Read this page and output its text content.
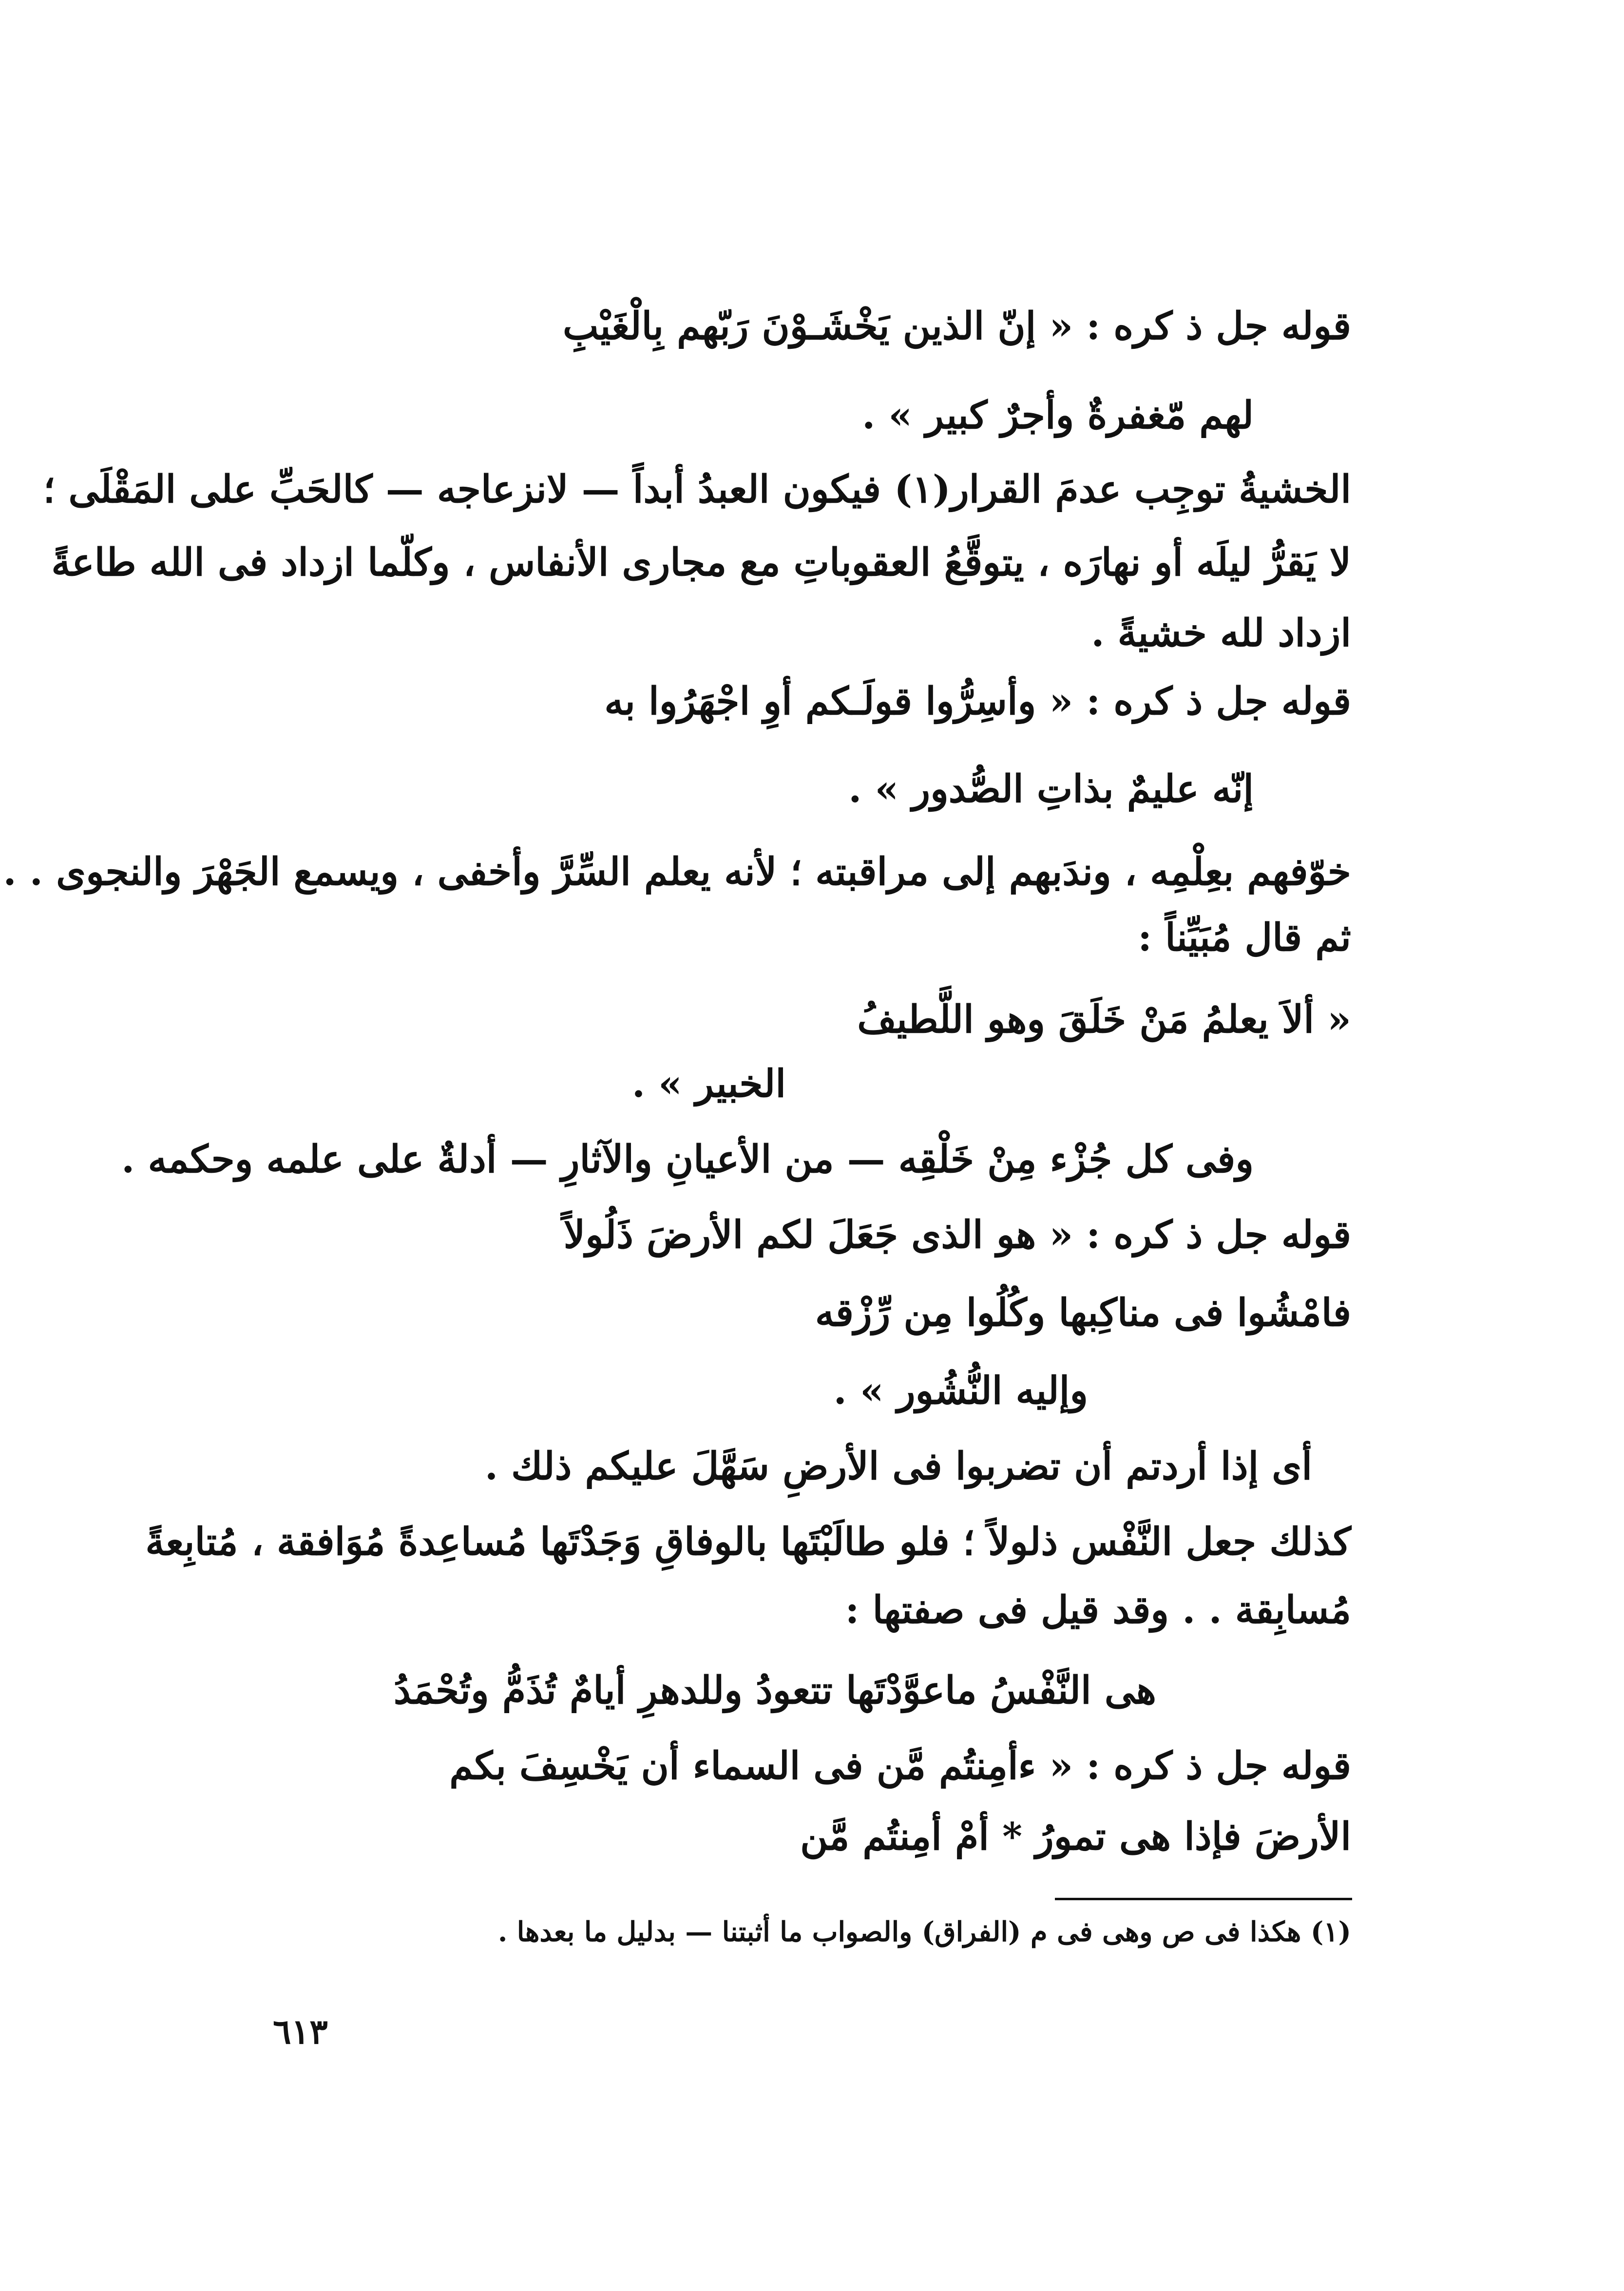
قوله جل ذ كره : « إنّ الذين يَخْشَـوْنَ رَبّهم بِالْغَيْبِ
لهم مّغفرةٌ وأجرٌ كبير » .
الخشيةُ توجِب عدمَ القرار(١) فيكون العبدُ أبداً — لانزعاجه — كالحَبِّ على المَقْلَى ؛
لا يَقرُّ ليلَه أو نهارَه ، يتوقَّعُ العقوباتِ مع مجارى الأنفاس ، وكلّما ازداد فى الله طاعةً
ازداد لله خشيةً .
قوله جل ذ كره : « وأسِرُّوا قولَـكم أوِ اجْهَرُوا به
إنّه عليمٌ بذاتِ الصُّدور » .
خوّفهم بعِلْمِه ، وندَبهم إلى مراقبته ؛ لأنه يعلم السِّرَّ وأخفى ، ويسمع الجَهْرَ والنجوى . .
ثم قال مُبَيِّناً :
« ألاَ يعلمُ مَنْ خَلَقَ وهو اللَّطيفُ
الخبير » .
وفى كل جُزْء مِنْ خَلْقِه — من الأعيانِ والآثارِ — أدلةٌ على علمه وحكمه .
قوله جل ذ كره : « هو الذى جَعَلَ لكم الأرضَ ذَلُولاً
فامْشُوا فى مناكِبها وكُلُوا مِن رِّزْقه
وإليه النُّشُور » .
أى إذا أردتم أن تضربوا فى الأرضِ سَهَّلَ عليكم ذلك .
كذلك جعل النَّفْس ذلولاً ؛ فلو طالَبْتَها بالوفاقِ وَجَدْتَها مُساعِدةً مُوَافقة ، مُتابِعةً
مُسابِقة . . وقد قيل فى صفتها :
هى النَّفْسُ ماعوَّدْتَها تتعودُ وللدهرِ أيامٌ تُذَمُّ وتُحْمَدُ
قوله جل ذ كره : « ءأمِنتُم مَّن فى السماء أن يَخْسِفَ بكم
الأرضَ فإذا هى تمورُ * أمْ أمِنتُم مَّن
(١) هكذا فى ص وهى فى م (الفراق) والصواب ما أثبتنا — بدليل ما بعدها .
٦١٣
